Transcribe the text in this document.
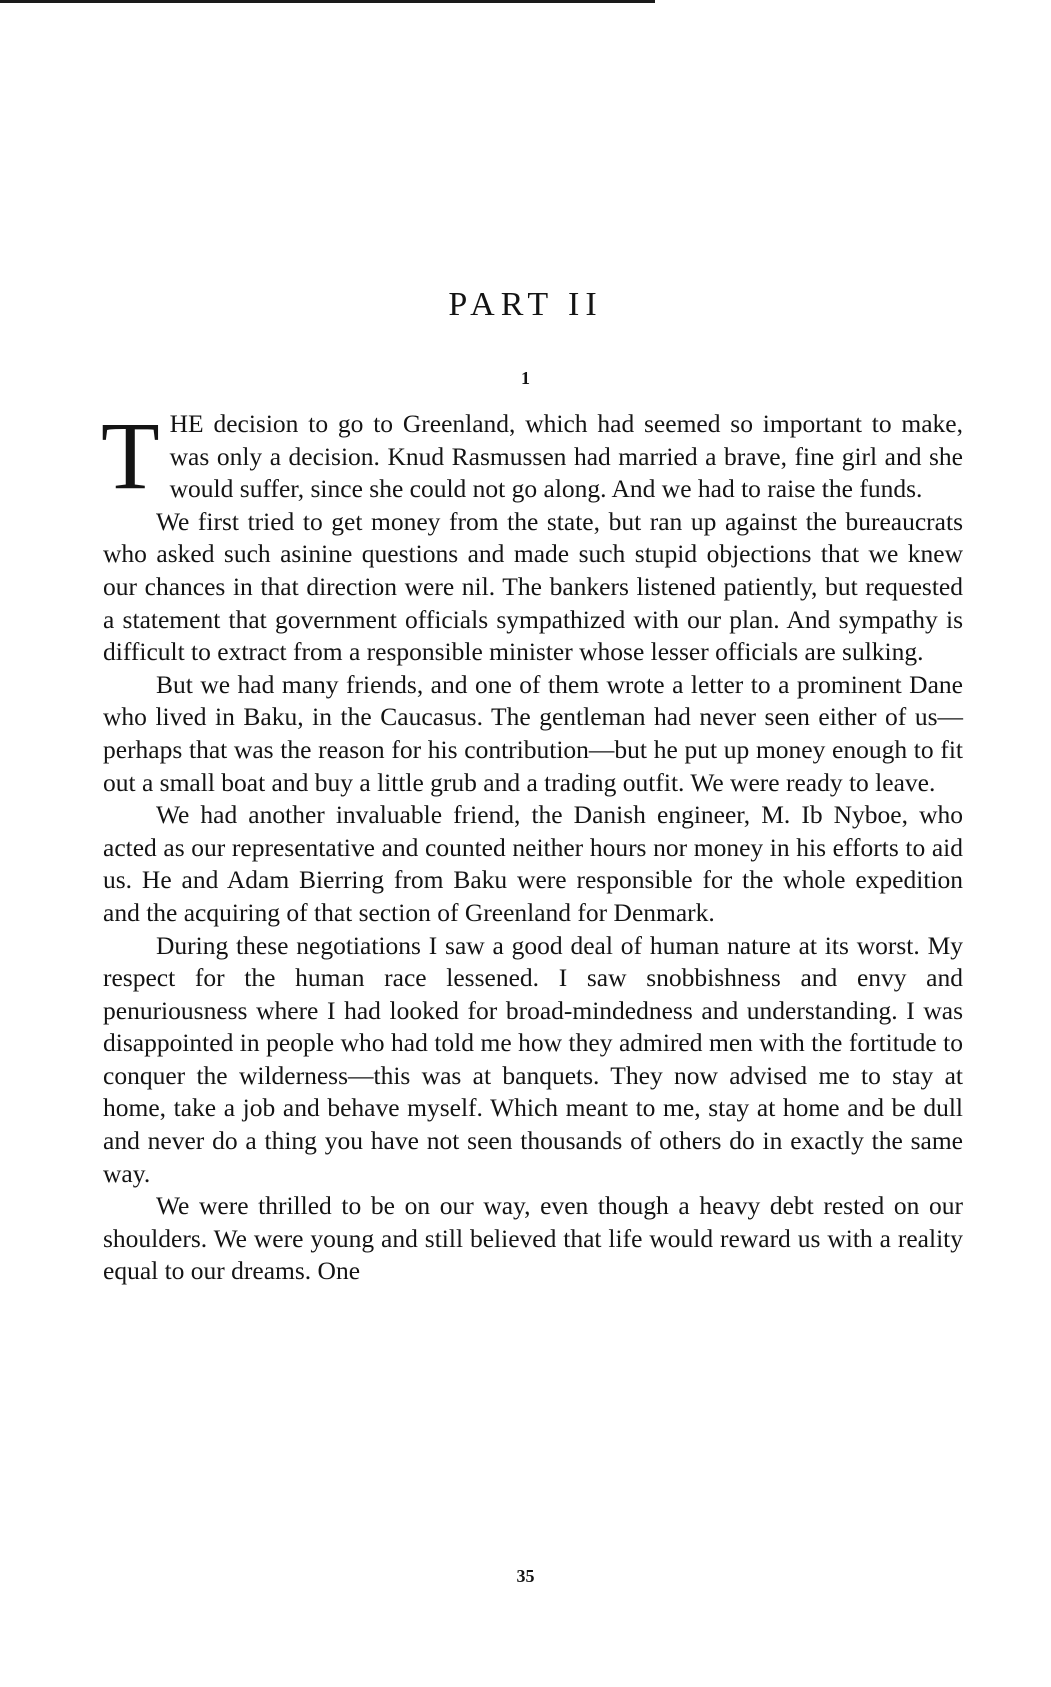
PART II
1

THE decision to go to Greenland, which had seemed so important to make, was only a decision. Knud Rasmussen had married a brave, fine girl and she would suffer, since she could not go along. And we had to raise the funds.

We first tried to get money from the state, but ran up against the bureaucrats who asked such asinine questions and made such stupid objections that we knew our chances in that direction were nil. The bankers listened patiently, but requested a statement that government officials sympathized with our plan. And sympathy is difficult to extract from a responsible minister whose lesser officials are sulking.

But we had many friends, and one of them wrote a letter to a prominent Dane who lived in Baku, in the Caucasus. The gentleman had never seen either of us—perhaps that was the reason for his contribution—but he put up money enough to fit out a small boat and buy a little grub and a trading outfit. We were ready to leave.

We had another invaluable friend, the Danish engineer, M. Ib Nyboe, who acted as our representative and counted neither hours nor money in his efforts to aid us. He and Adam Bierring from Baku were responsible for the whole expedition and the acquiring of that section of Greenland for Denmark.

During these negotiations I saw a good deal of human nature at its worst. My respect for the human race lessened. I saw snobbishness and envy and penuriousness where I had looked for broad-mindedness and understanding. I was disappointed in people who had told me how they admired men with the fortitude to conquer the wilderness—this was at banquets. They now advised me to stay at home, take a job and behave myself. Which meant to me, stay at home and be dull and never do a thing you have not seen thousands of others do in exactly the same way.

We were thrilled to be on our way, even though a heavy debt rested on our shoulders. We were young and still believed that life would reward us with a reality equal to our dreams. One

35
